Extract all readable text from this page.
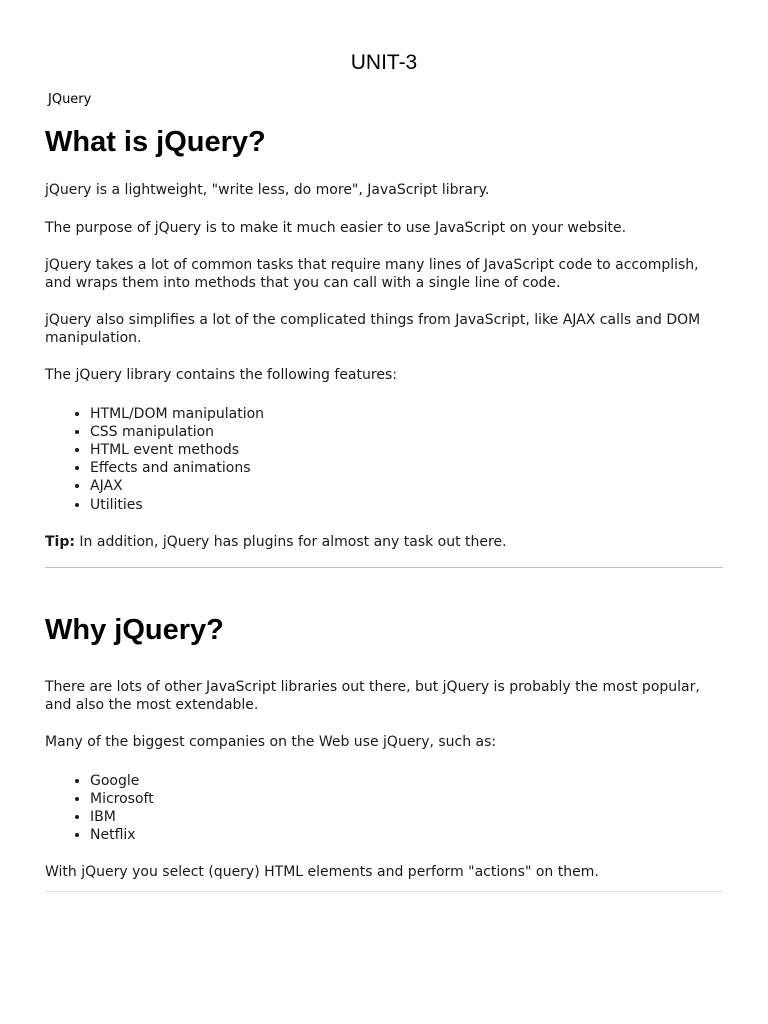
UNIT-3
JQuery
What is jQuery?

jQuery is a lightweight, "write less, do more", JavaScript library.

The purpose of jQuery is to make it much easier to use JavaScript on your website.

jQuery takes a lot of common tasks that require many lines of JavaScript code to accomplish, and wraps them into methods that you can call with a single line of code.

jQuery also simplifies a lot of the complicated things from JavaScript, like AJAX calls and DOM manipulation.

The jQuery library contains the following features:

• HTML/DOM manipulation
• CSS manipulation
• HTML event methods
• Effects and animations
• AJAX
• Utilities

Tip: In addition, jQuery has plugins for almost any task out there.

Why jQuery?

There are lots of other JavaScript libraries out there, but jQuery is probably the most popular, and also the most extendable.

Many of the biggest companies on the Web use jQuery, such as:

• Google
• Microsoft
• IBM
• Netflix

With jQuery you select (query) HTML elements and perform "actions" on them.
